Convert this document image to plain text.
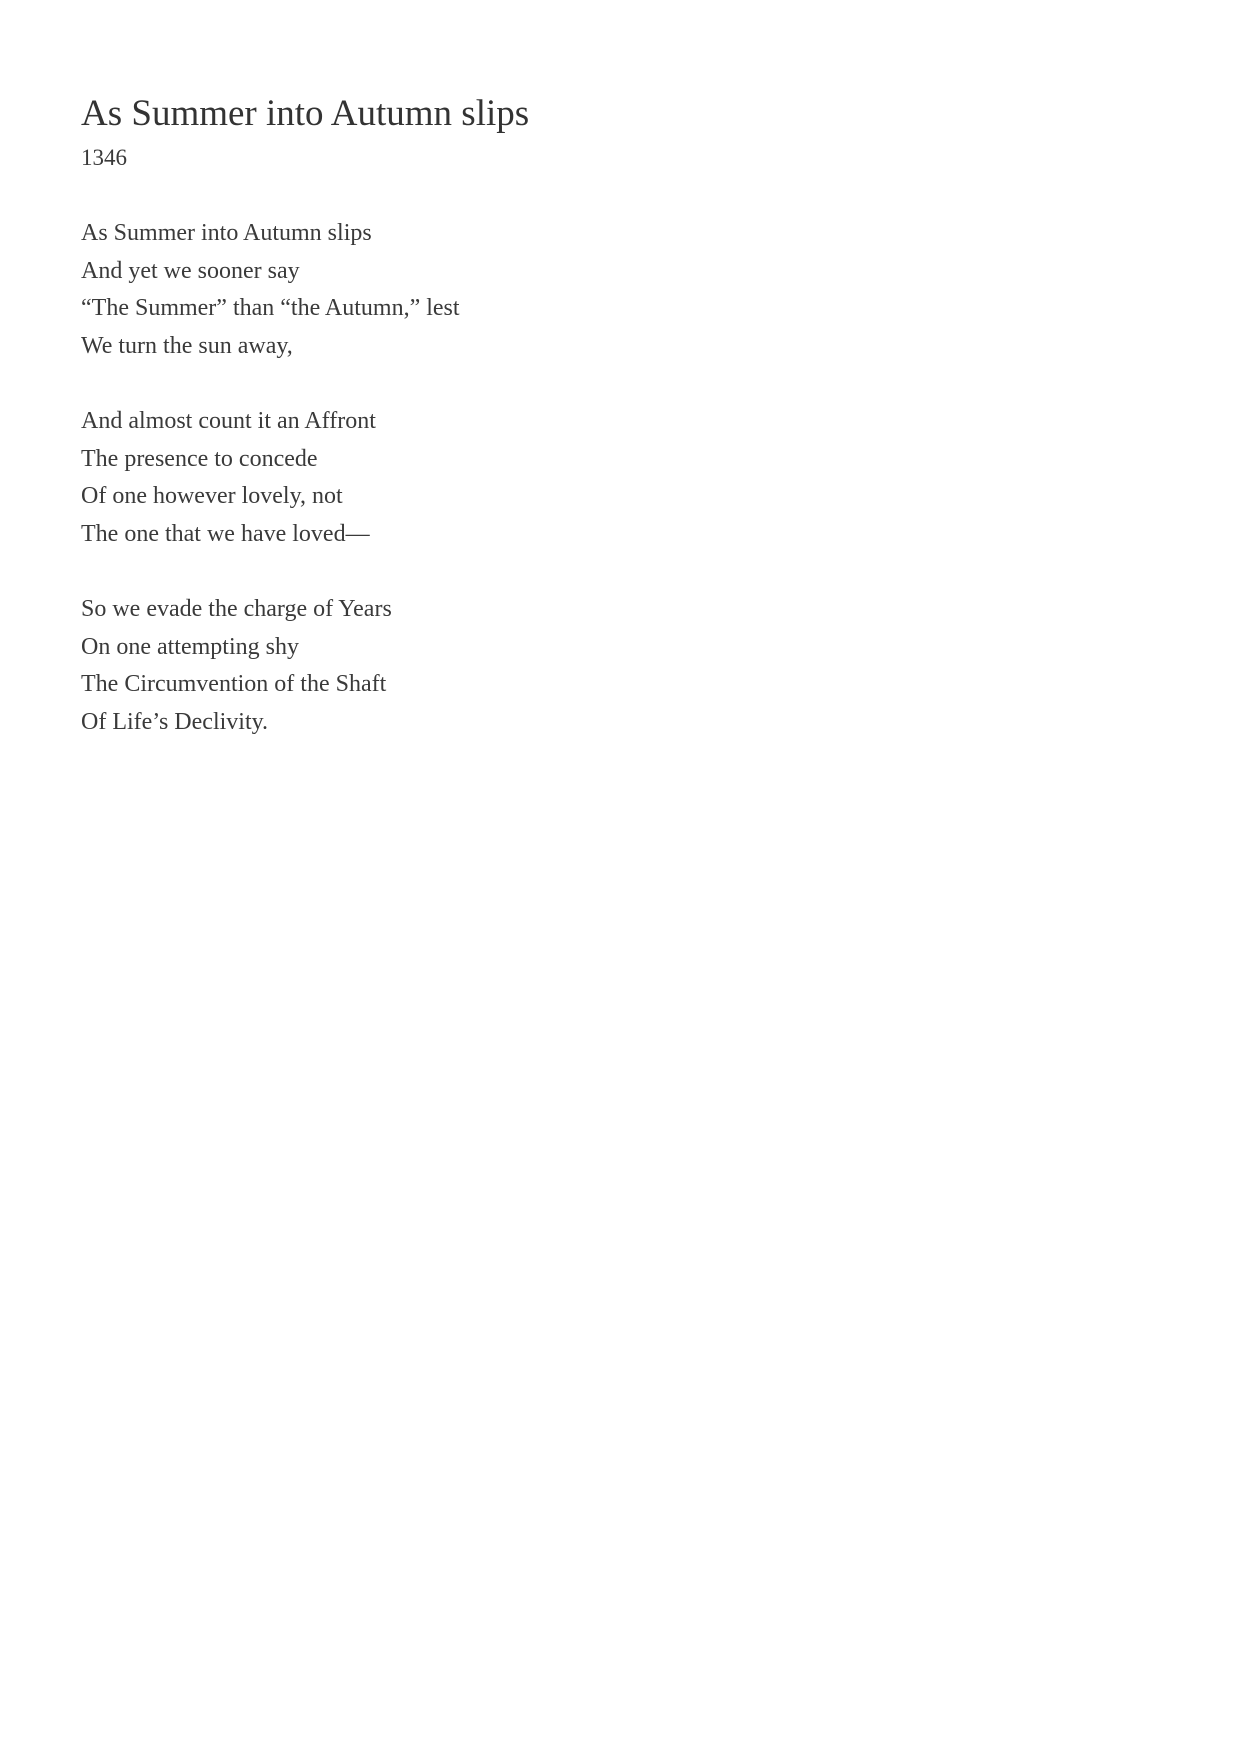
As Summer into Autumn slips
1346
As Summer into Autumn slips
And yet we sooner say
“The Summer” than “the Autumn,” lest
We turn the sun away,
And almost count it an Affront
The presence to concede
Of one however lovely, not
The one that we have loved—
So we evade the charge of Years
On one attempting shy
The Circumvention of the Shaft
Of Life’s Declivity.
